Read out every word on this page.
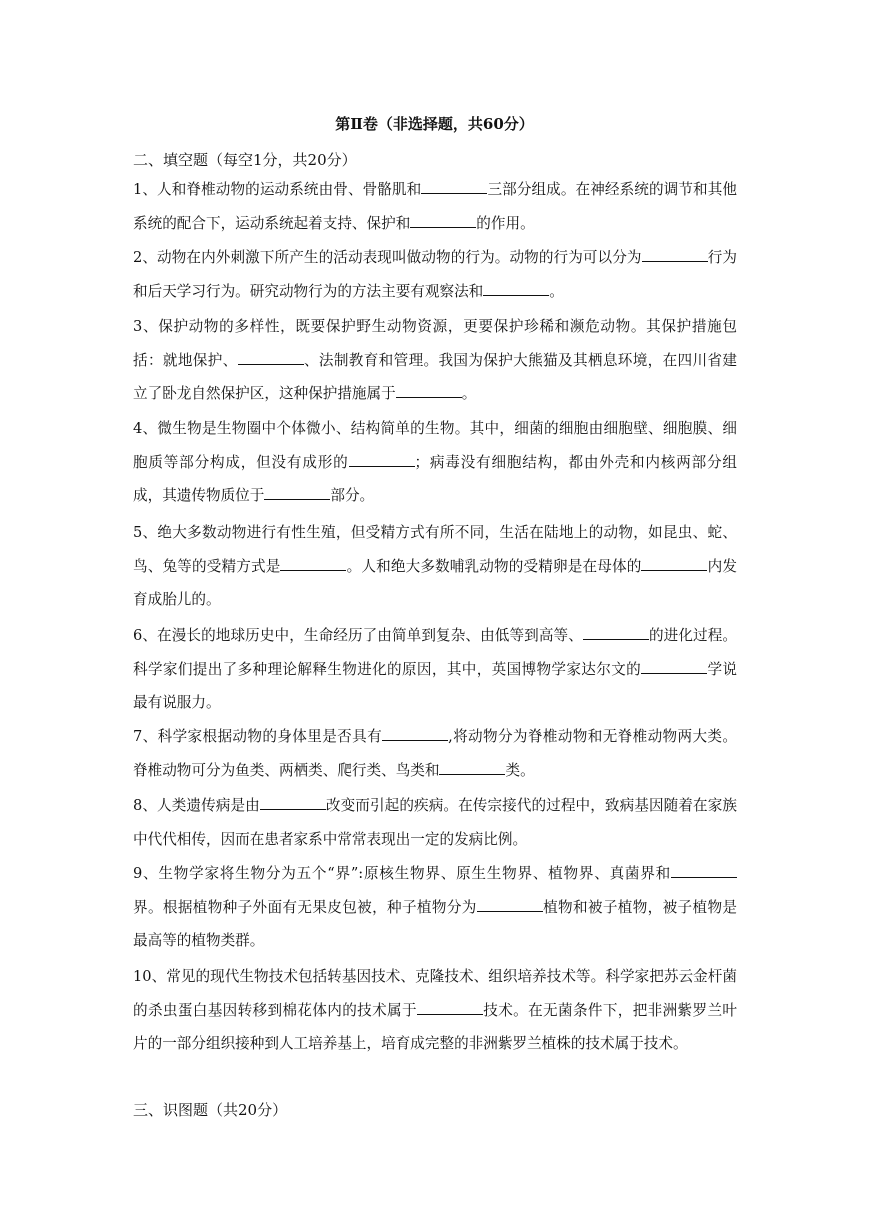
第Ⅱ卷（非选择题，共60分）
二、填空题（每空1分，共20分）
1、人和脊椎动物的运动系统由骨、骨骼肌和	三部分组成。在神经系统的调节和其他系统的配合下，运动系统起着支持、保护和	的作用。
2、动物在内外刺激下所产生的活动表现叫做动物的行为。动物的行为可以分为	行为和后天学习行为。研究动物行为的方法主要有观察法和	。
3、保护动物的多样性，既要保护野生动物资源，更要保护珍稀和濒危动物。其保护措施包括：就地保护、	、法制教育和管理。我国为保护大熊猫及其栖息环境，在四川省建立了卧龙自然保护区，这种保护措施属于	。
4、微生物是生物圈中个体微小、结构简单的生物。其中，细菌的细胞由细胞壁、细胞膜、细胞质等部分构成，但没有成形的	；病毒没有细胞结构，都由外壳和内核两部分组成，其遗传物质位于	部分。
5、绝大多数动物进行有性生殖，但受精方式有所不同，生活在陆地上的动物，如昆虫、蛇、鸟、兔等的受精方式是	。人和绝大多数哺乳动物的受精卵是在母体的	内发育成胎儿的。
6、在漫长的地球历史中，生命经历了由简单到复杂、由低等到高等、	的进化过程。科学家们提出了多种理论解释生物进化的原因，其中，英国博物学家达尔文的	学说最有说服力。
7、科学家根据动物的身体里是否具有	,将动物分为脊椎动物和无脊椎动物两大类。脊椎动物可分为鱼类、两栖类、爬行类、鸟类和	类。
8、人类遗传病是由	改变而引起的疾病。在传宗接代的过程中，致病基因随着在家族中代代相传，因而在患者家系中常常表现出一定的发病比例。
9、生物学家将生物分为五个“界”:原核生物界、原生生物界、植物界、真菌界和界。根据植物种子外面有无果皮包被，种子植物分为	植物和被子植物，被子植物是最高等的植物类群。
10、常见的现代生物技术包括转基因技术、克隆技术、组织培养技术等。科学家把苏云金杆菌的杀虫蛋白基因转移到棉花体内的技术属于	技术。在无菌条件下，把非洲紫罗兰叶片的一部分组织接种到人工培养基上，培育成完整的非洲紫罗兰植株的技术属于技术。
三、识图题（共20分）
